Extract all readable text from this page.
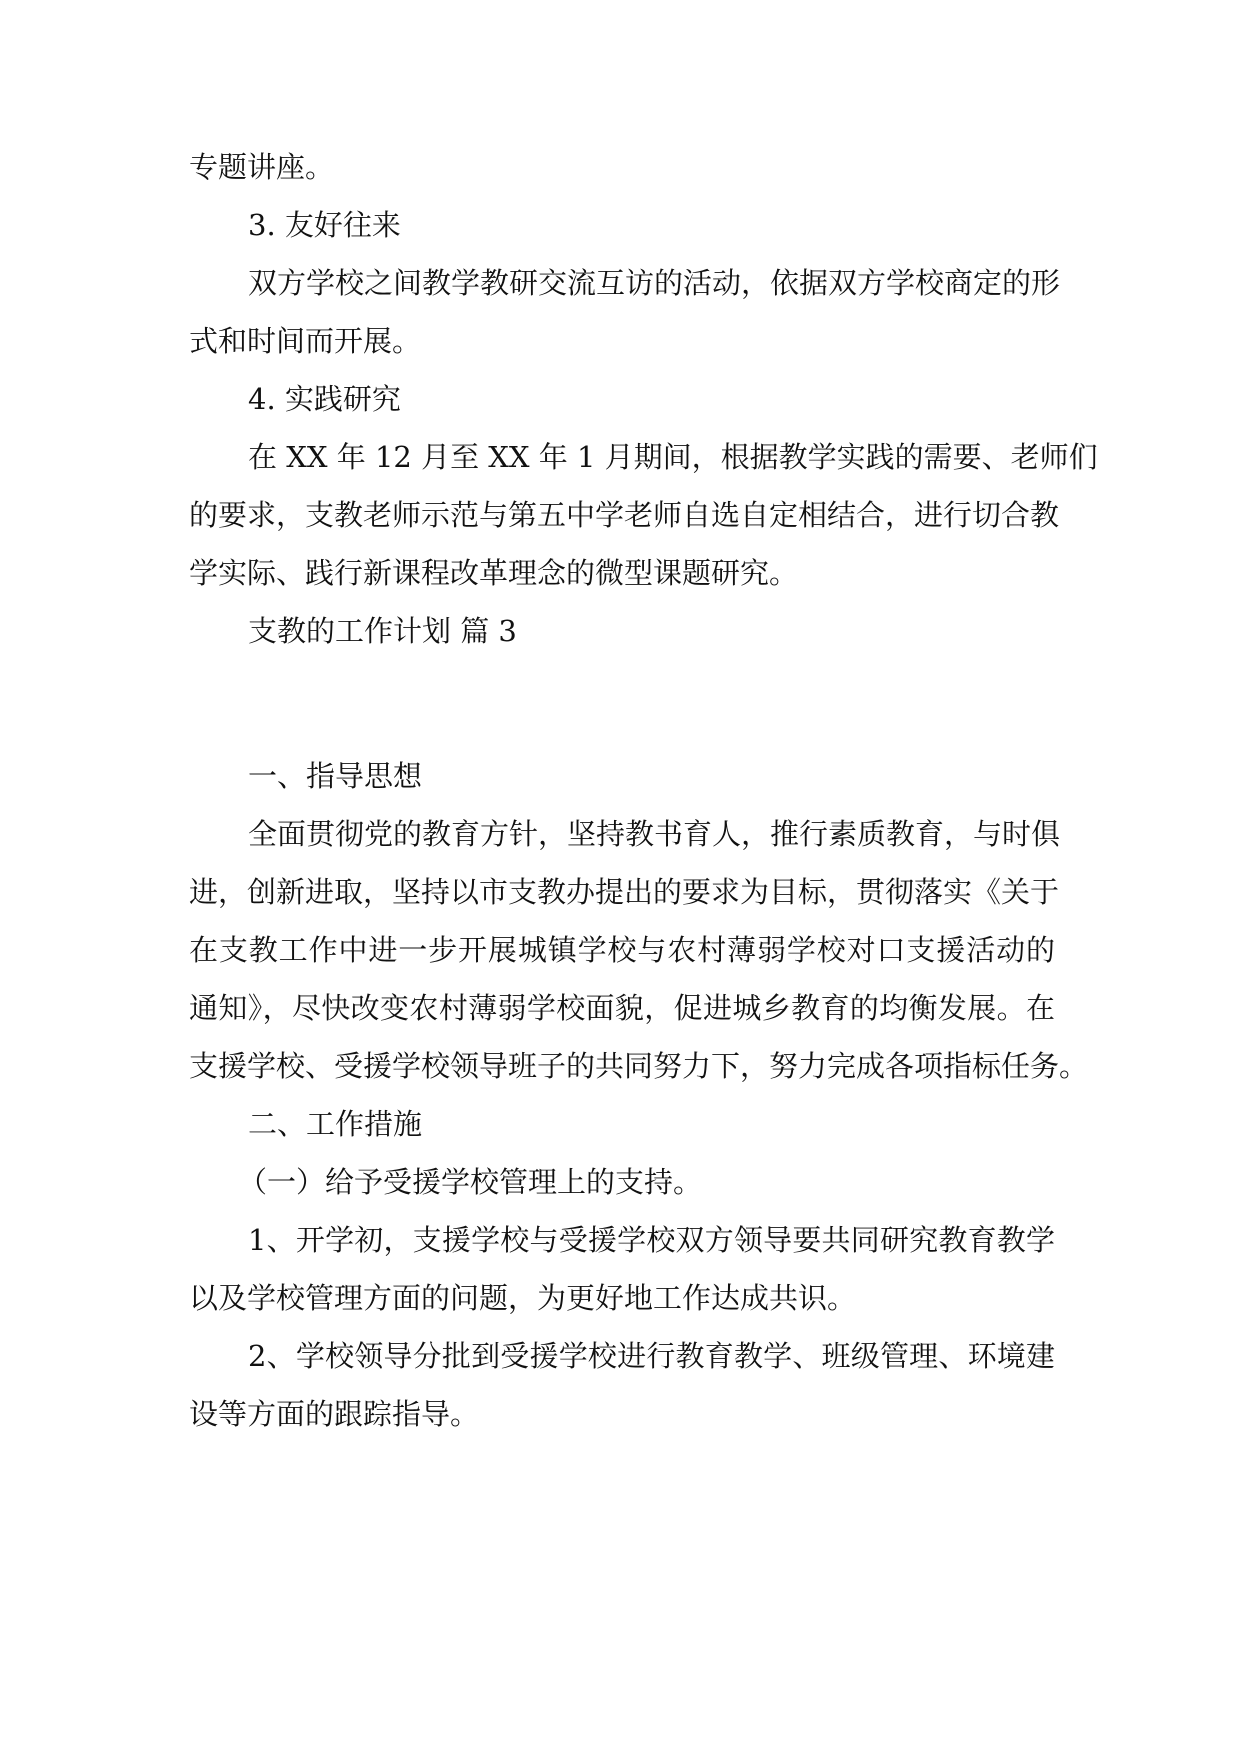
专题讲座。
3. 友好往来
双方学校之间教学教研交流互访的活动，依据双方学校商定的形
式和时间而开展。
4. 实践研究
在 XX 年 12 月至 XX 年 1 月期间，根据教学实践的需要、老师们
的要求，支教老师示范与第五中学老师自选自定相结合，进行切合教
学实际、践行新课程改革理念的微型课题研究。
支教的工作计划 篇 3
一、指导思想
全面贯彻党的教育方针，坚持教书育人，推行素质教育，与时俱
进，创新进取，坚持以市支教办提出的要求为目标，贯彻落实《关于
在支教工作中进一步开展城镇学校与农村薄弱学校对口支援活动的
通知》，尽快改变农村薄弱学校面貌，促进城乡教育的均衡发展。在
支援学校、受援学校领导班子的共同努力下，努力完成各项指标任务。
二、工作措施
（一）给予受援学校管理上的支持。
1、开学初，支援学校与受援学校双方领导要共同研究教育教学
以及学校管理方面的问题，为更好地工作达成共识。
2、学校领导分批到受援学校进行教育教学、班级管理、环境建
设等方面的跟踪指导。
